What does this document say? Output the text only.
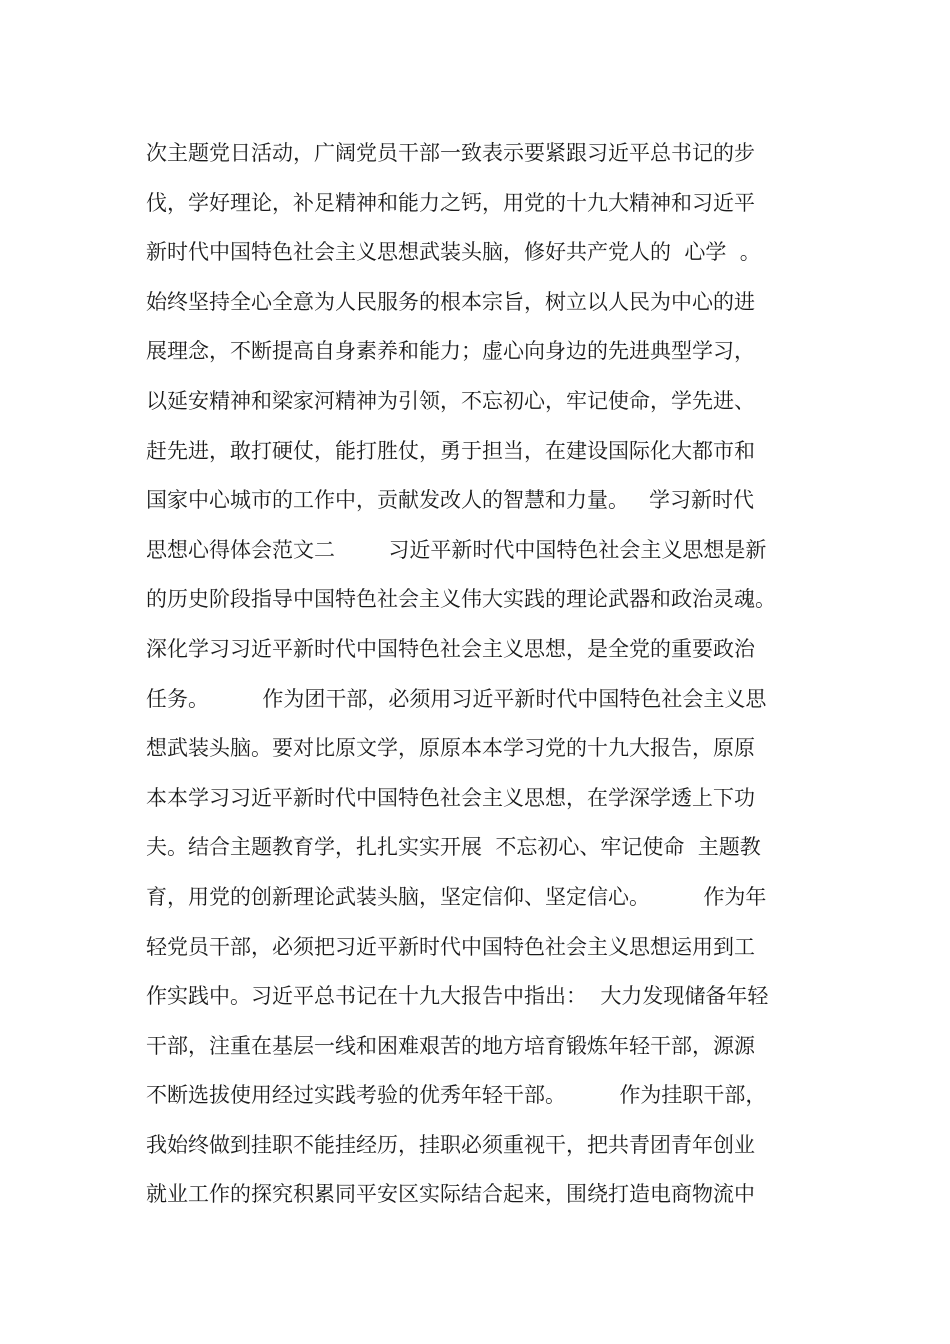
次主题党日活动，广阔党员干部一致表示要紧跟习近平总书记的步
伐，学好理论，补足精神和能力之钙，用党的十九大精神和习近平
新时代中国特色社会主义思想武装头脑，修好共产党人的  心学  。
始终坚持全心全意为人民服务的根本宗旨，树立以人民为中心的进
展理念，不断提高自身素养和能力；虚心向身边的先进典型学习，
以延安精神和梁家河精神为引领，不忘初心，牢记使命，学先进、
赶先进，敢打硬仗，能打胜仗，勇于担当，在建设国际化大都市和
国家中心城市的工作中，贡献发改人的智慧和力量。   学习新时代
思想心得体会范文二        习近平新时代中国特色社会主义思想是新
的历史阶段指导中国特色社会主义伟大实践的理论武器和政治灵魂。
深化学习习近平新时代中国特色社会主义思想，是全党的重要政治
任务。        作为团干部，必须用习近平新时代中国特色社会主义思
想武装头脑。要对比原文学，原原本本学习党的十九大报告，原原
本本学习习近平新时代中国特色社会主义思想，在学深学透上下功
夫。结合主题教育学，扎扎实实开展  不忘初心、牢记使命  主题教
育，用党的创新理论武装头脑，坚定信仰、坚定信心。        作为年
轻党员干部，必须把习近平新时代中国特色社会主义思想运用到工
作实践中。习近平总书记在十九大报告中指出：  大力发现储备年轻
干部，注重在基层一线和困难艰苦的地方培育锻炼年轻干部，源源
不断选拔使用经过实践考验的优秀年轻干部。        作为挂职干部，
我始终做到挂职不能挂经历，挂职必须重视干，把共青团青年创业
就业工作的探究积累同平安区实际结合起来，围绕打造电商物流中
